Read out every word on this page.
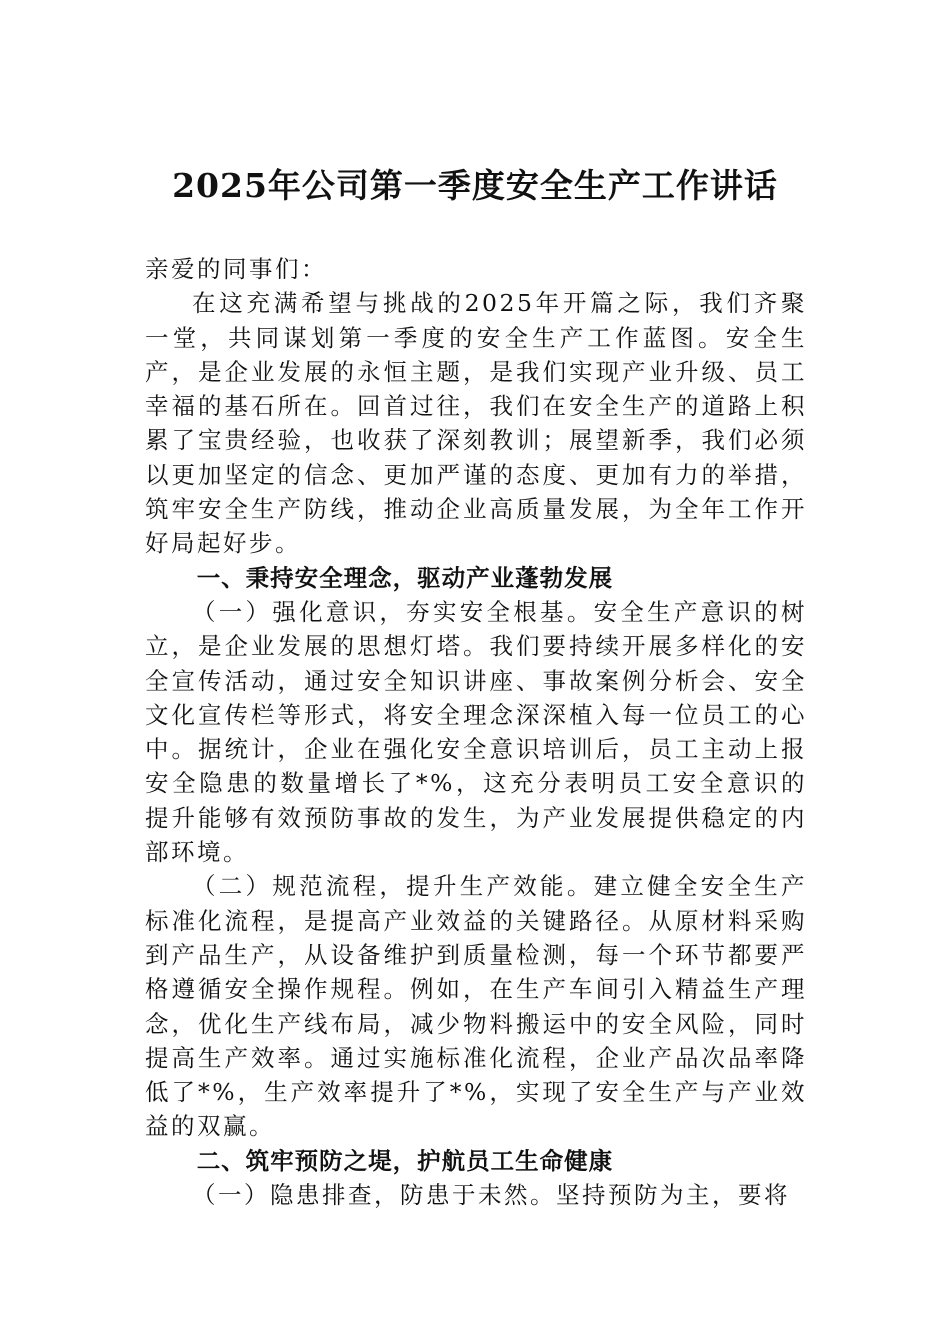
2025年公司第一季度安全生产工作讲话

亲爱的同事们：

在这充满希望与挑战的2025年开篇之际，我们齐聚一堂，共同谋划第一季度的安全生产工作蓝图。安全生产，是企业发展的永恒主题，是我们实现产业升级、员工幸福的基石所在。回首过往，我们在安全生产的道路上积累了宝贵经验，也收获了深刻教训；展望新季，我们必须以更加坚定的信念、更加严谨的态度、更加有力的举措，筑牢安全生产防线，推动企业高质量发展，为全年工作开好局起好步。

一、秉持安全理念，驱动产业蓬勃发展

（一）强化意识，夯实安全根基。安全生产意识的树立，是企业发展的思想灯塔。我们要持续开展多样化的安全宣传活动，通过安全知识讲座、事故案例分析会、安全文化宣传栏等形式，将安全理念深深植入每一位员工的心中。据统计，企业在强化安全意识培训后，员工主动上报安全隐患的数量增长了*%，这充分表明员工安全意识的提升能够有效预防事故的发生，为产业发展提供稳定的内部环境。

（二）规范流程，提升生产效能。建立健全安全生产标准化流程，是提高产业效益的关键路径。从原材料采购到产品生产，从设备维护到质量检测，每一个环节都要严格遵循安全操作规程。例如，在生产车间引入精益生产理念，优化生产线布局，减少物料搬运中的安全风险，同时提高生产效率。通过实施标准化流程，企业产品次品率降低了*%，生产效率提升了*%，实现了安全生产与产业效益的双赢。

二、筑牢预防之堤，护航员工生命健康

（一）隐患排查，防患于未然。坚持预防为主，要将
